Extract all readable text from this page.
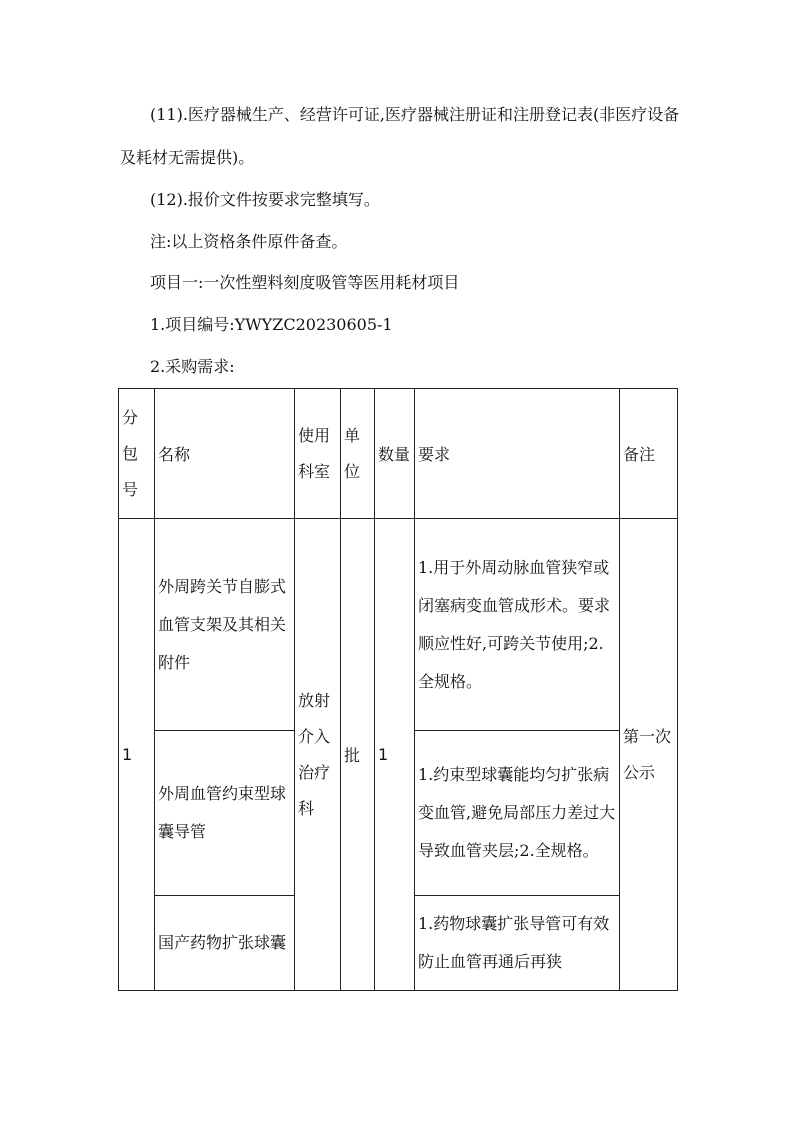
(11).医疗器械生产、经营许可证,医疗器械注册证和注册登记表(非医疗设备及耗材无需提供)。
(12).报价文件按要求完整填写。
注:以上资格条件原件备查。
项目一:一次性塑料刻度吸管等医用耗材项目
1.项目编号:YWYZC20230605-1
2.采购需求:
分包号	名称	使用科室	单位	数量	要求	备注
1	外周跨关节自膨式血管支架及其相关附件	放射介入治疗科	批	1	1.用于外周动脉血管狭窄或闭塞病变血管成形术。要求顺应性好,可跨关节使用;2.全规格。	第一次公示
	外周血管约束型球囊导管				1.约束型球囊能均匀扩张病变血管,避免局部压力差过大导致血管夹层;2.全规格。	
	国产药物扩张球囊				1.药物球囊扩张导管可有效防止血管再通后再狭	
